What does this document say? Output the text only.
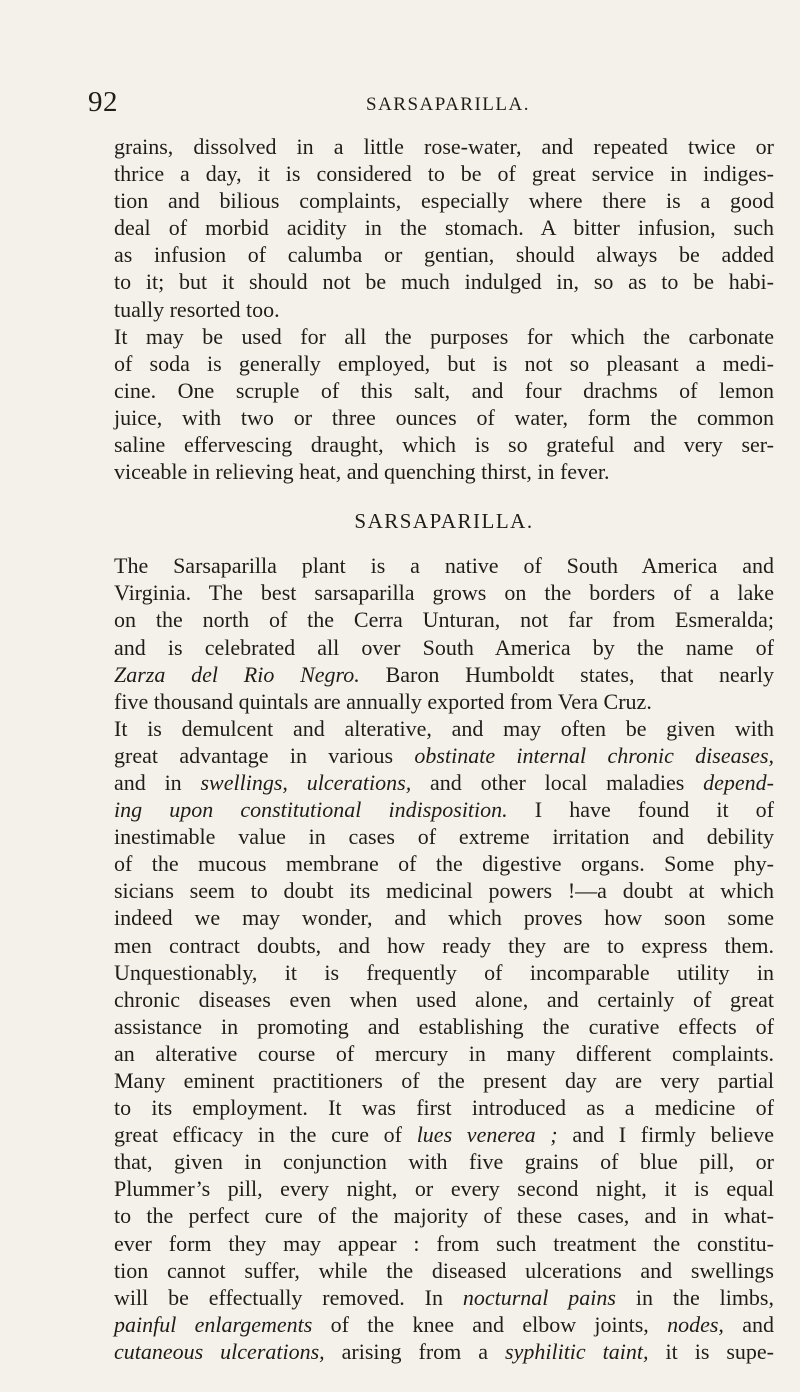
92	SARSAPARILLA.
grains, dissolved in a little rose-water, and repeated twice or
thrice a day, it is considered to be of great service in indiges-
tion and bilious complaints, especially where there is a good
deal of morbid acidity in the stomach. A bitter infusion, such
as infusion of calumba or gentian, should always be added
to it; but it should not be much indulged in, so as to be habi-
tually resorted too.
It may be used for all the purposes for which the carbonate
of soda is generally employed, but is not so pleasant a medi-
cine. One scruple of this salt, and four drachms of lemon
juice, with two or three ounces of water, form the common
saline effervescing draught, which is so grateful and very ser-
viceable in relieving heat, and quenching thirst, in fever.
SARSAPARILLA.
The Sarsaparilla plant is a native of South America and
Virginia. The best sarsaparilla grows on the borders of a lake
on the north of the Cerra Unturan, not far from Esmeralda;
and is celebrated all over South America by the name of
Zarza del Rio Negro. Baron Humboldt states, that nearly
five thousand quintals are annually exported from Vera Cruz.
It is demulcent and alterative, and may often be given with
great advantage in various obstinate internal chronic diseases,
and in swellings, ulcerations, and other local maladies depend-
ing upon constitutional indisposition. I have found it of
inestimable value in cases of extreme irritation and debility
of the mucous membrane of the digestive organs. Some phy-
sicians seem to doubt its medicinal powers !—a doubt at which
indeed we may wonder, and which proves how soon some
men contract doubts, and how ready they are to express them.
Unquestionably, it is frequently of incomparable utility in
chronic diseases even when used alone, and certainly of great
assistance in promoting and establishing the curative effects of
an alterative course of mercury in many different complaints.
Many eminent practitioners of the present day are very partial
to its employment. It was first introduced as a medicine of
great efficacy in the cure of lues venerea ; and I firmly believe
that, given in conjunction with five grains of blue pill, or
Plummer’s pill, every night, or every second night, it is equal
to the perfect cure of the majority of these cases, and in what-
ever form they may appear : from such treatment the constitu-
tion cannot suffer, while the diseased ulcerations and swellings
will be effectually removed. In nocturnal pains in the limbs,
painful enlargements of the knee and elbow joints, nodes, and
cutaneous ulcerations, arising from a syphilitic taint, it is supe-
